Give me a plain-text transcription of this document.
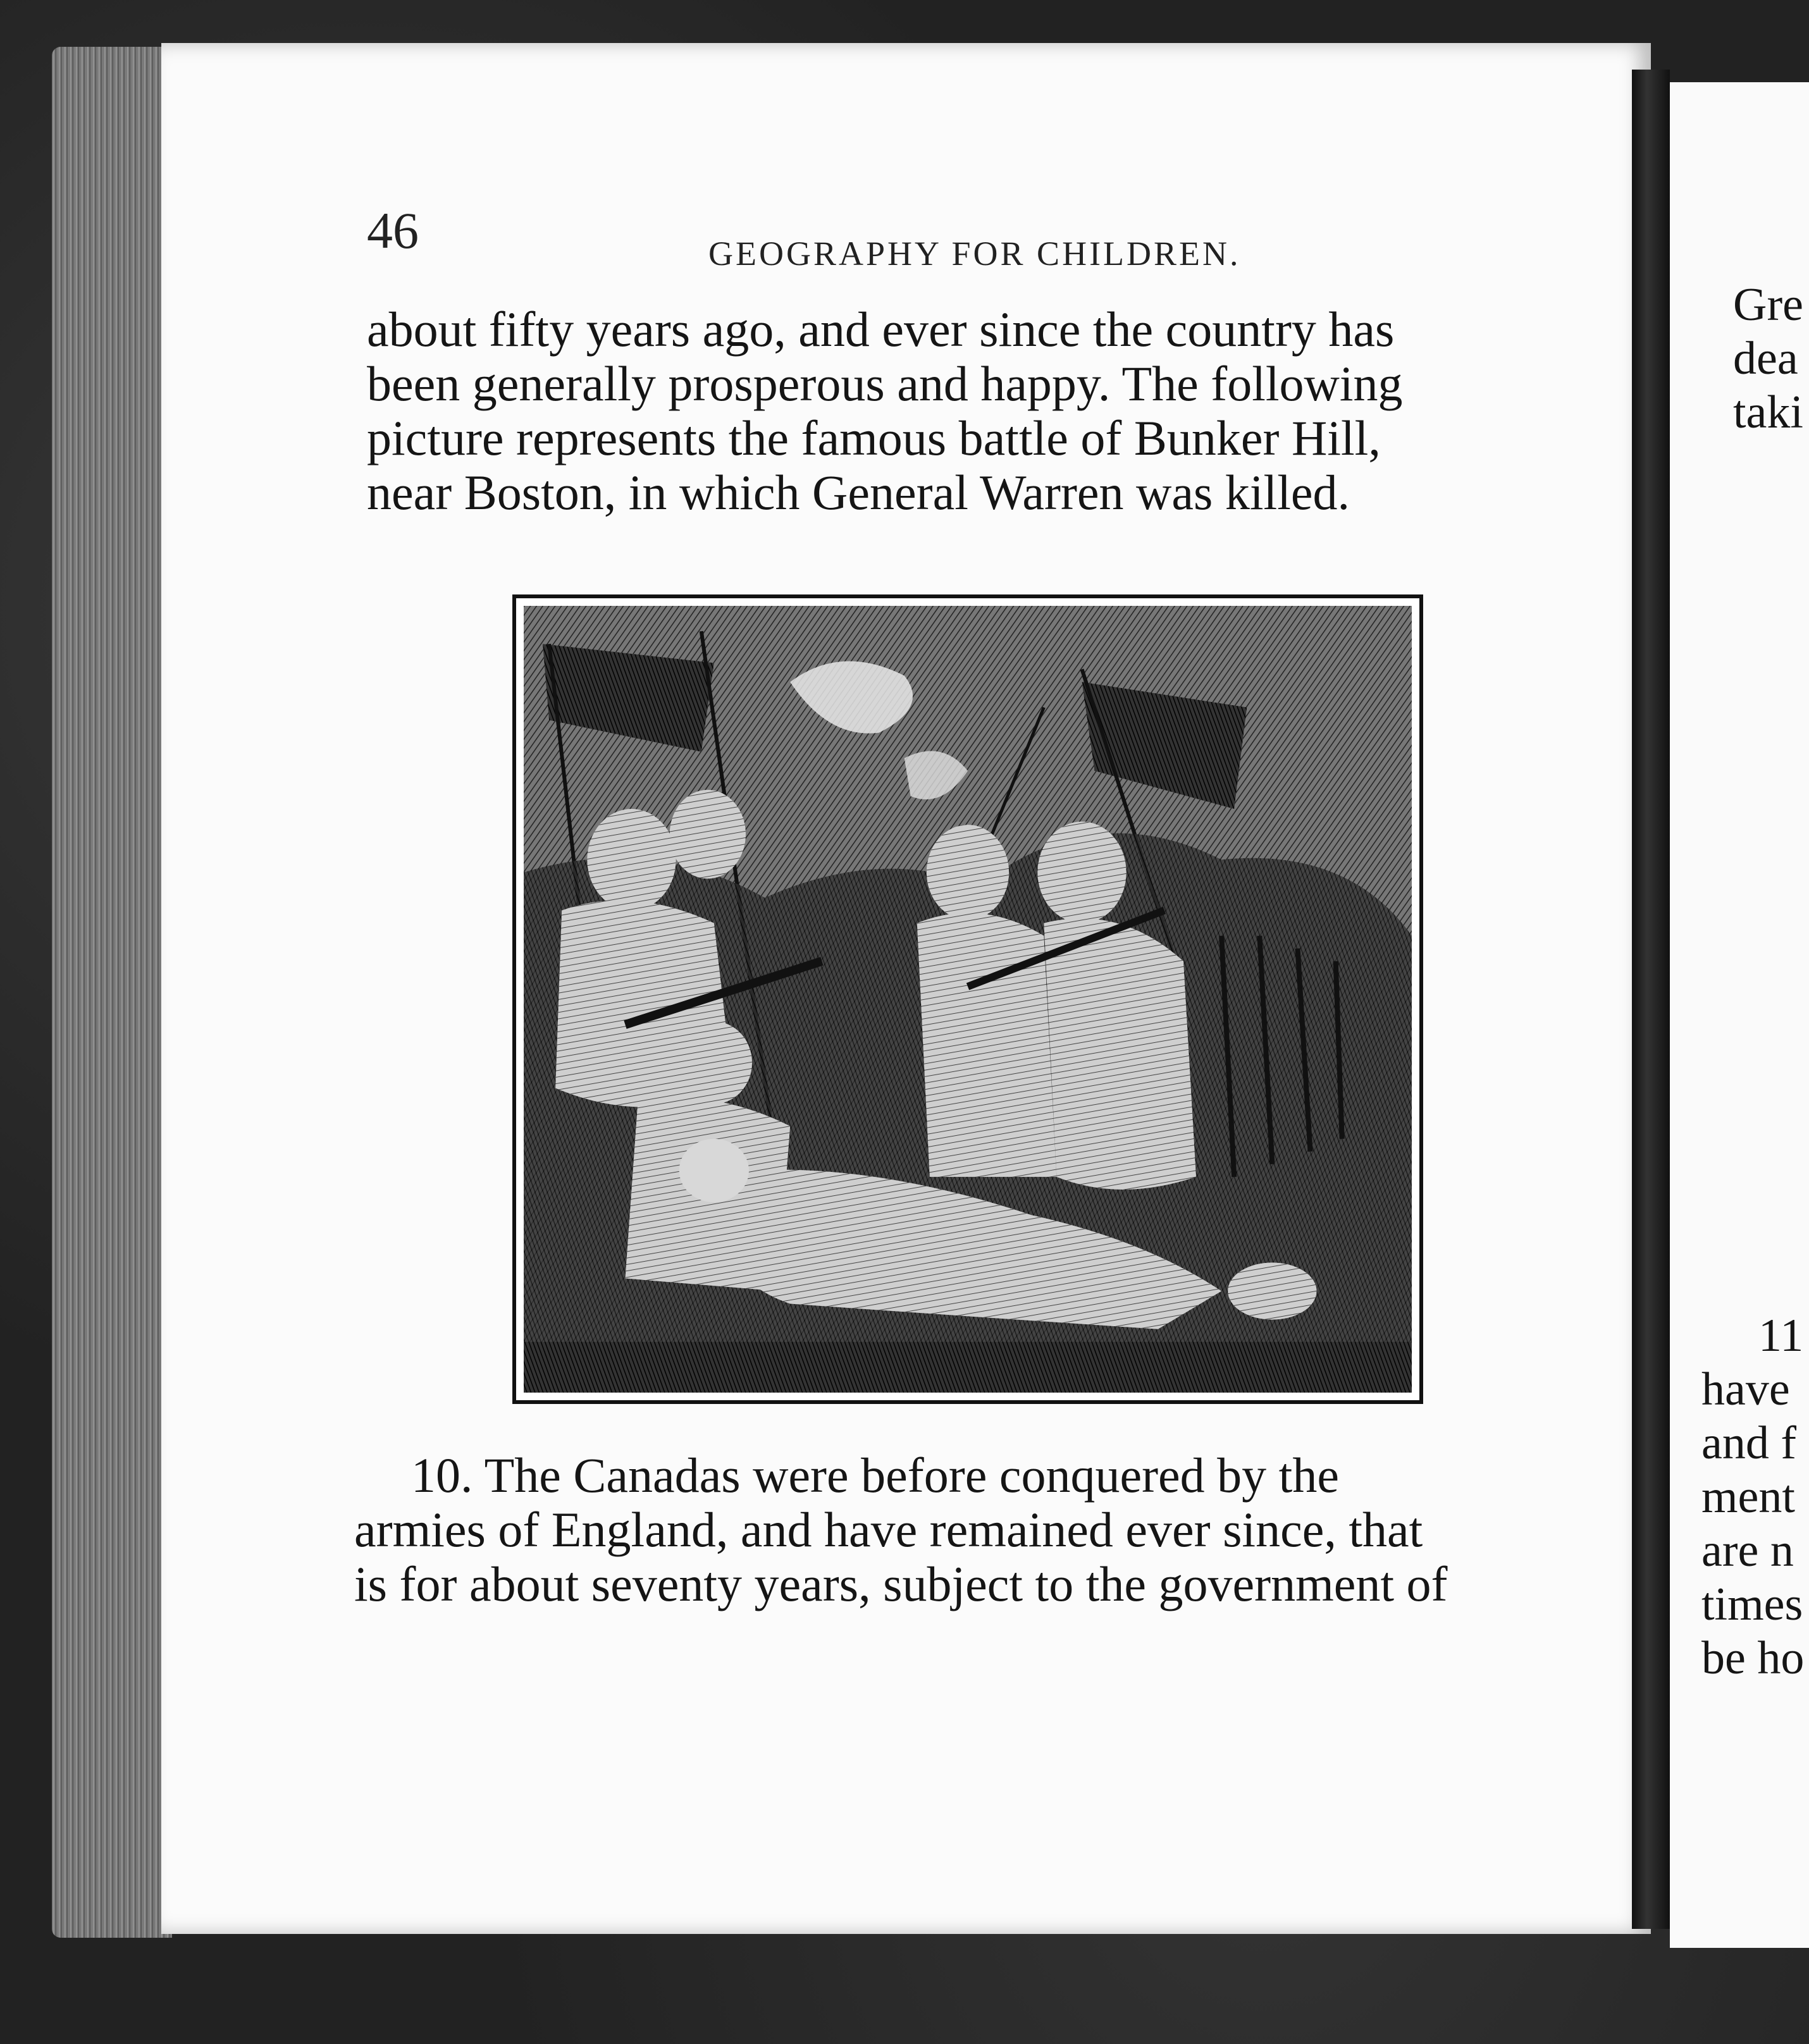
46	GEOGRAPHY FOR CHILDREN.

about fifty years ago, and ever since the country has
been generally prosperous and happy. The following
picture represents the famous battle of Bunker Hill,
near Boston, in which General Warren was killed.

10. The Canadas were before conquered by the
armies of England, and have remained ever since, that
is for about seventy years, subject to the government of

Gre
dea
taki
11
have
and f
ment
are n
times
be ho
